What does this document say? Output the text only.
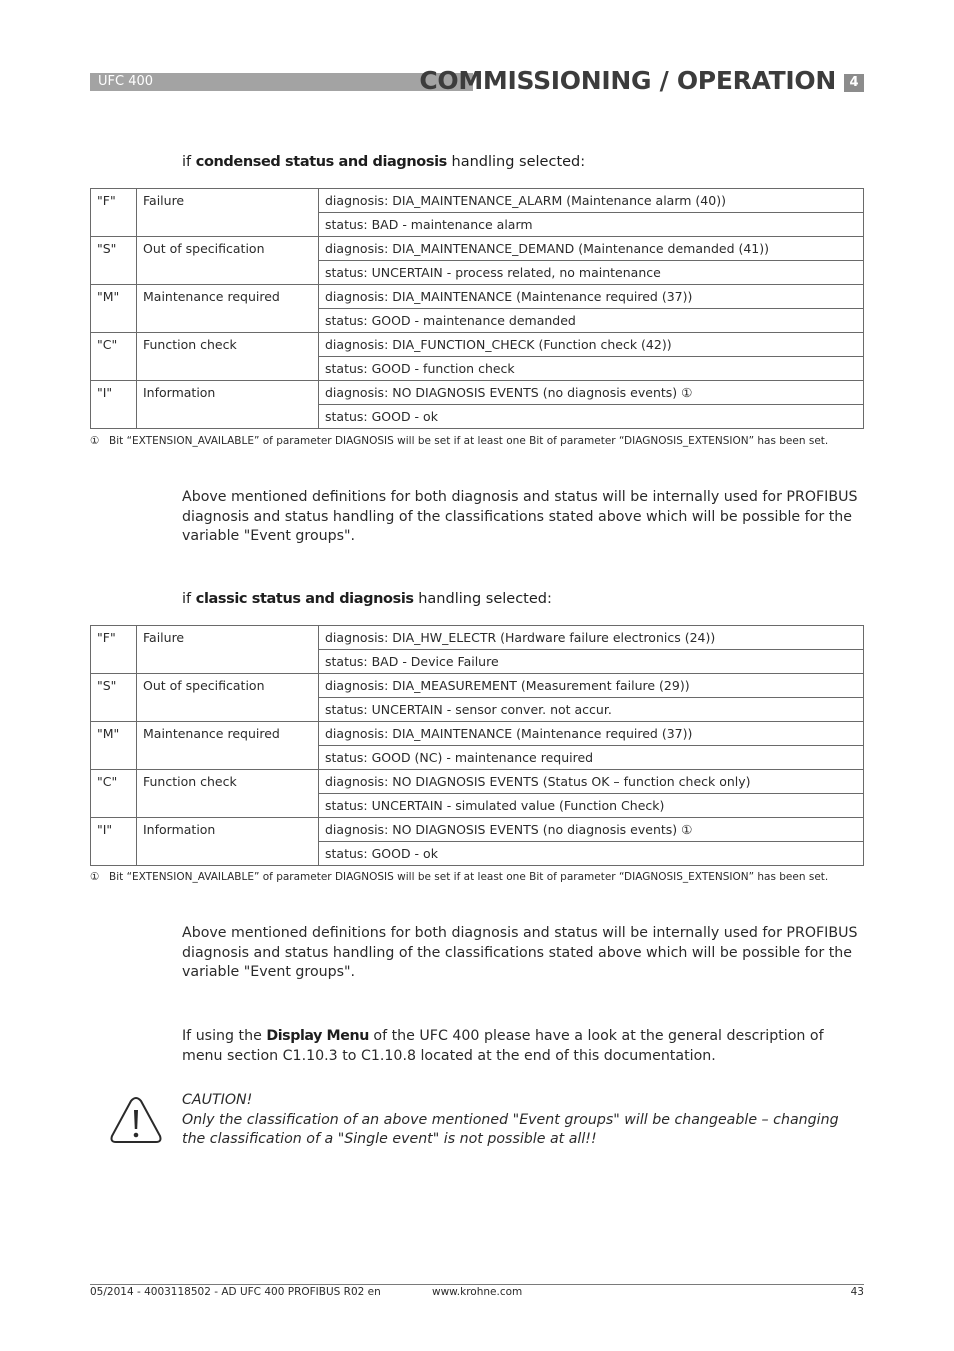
UFC 400	COMMISSIONING / OPERATION	4
if condensed status and diagnosis handling selected:
"F"	Failure	diagnosis: DIA_MAINTENANCE_ALARM (Maintenance alarm (40))
		status: BAD - maintenance alarm
"S"	Out of specification	diagnosis: DIA_MAINTENANCE_DEMAND (Maintenance demanded (41))
		status: UNCERTAIN - process related, no maintenance
"M"	Maintenance required	diagnosis: DIA_MAINTENANCE (Maintenance required (37))
		status: GOOD - maintenance demanded
"C"	Function check	diagnosis: DIA_FUNCTION_CHECK (Function check (42))
		status: GOOD - function check
"I"	Information	diagnosis: NO DIAGNOSIS EVENTS (no diagnosis events) ①
		status: GOOD - ok
① Bit “EXTENSION_AVAILABLE” of parameter DIAGNOSIS will be set if at least one Bit of parameter “DIAGNOSIS_EXTENSION” has been set.
Above mentioned definitions for both diagnosis and status will be internally used for PROFIBUS diagnosis and status handling of the classifications stated above which will be possible for the variable "Event groups".
if classic status and diagnosis handling selected:
"F"	Failure	diagnosis: DIA_HW_ELECTR (Hardware failure electronics (24))
		status: BAD - Device Failure
"S"	Out of specification	diagnosis: DIA_MEASUREMENT (Measurement failure (29))
		status: UNCERTAIN - sensor conver. not accur.
"M"	Maintenance required	diagnosis: DIA_MAINTENANCE (Maintenance required (37))
		status: GOOD (NC) - maintenance required
"C"	Function check	diagnosis: NO DIAGNOSIS EVENTS (Status OK – function check only)
		status: UNCERTAIN - simulated value (Function Check)
"I"	Information	diagnosis: NO DIAGNOSIS EVENTS (no diagnosis events) ①
		status: GOOD - ok
① Bit “EXTENSION_AVAILABLE” of parameter DIAGNOSIS will be set if at least one Bit of parameter “DIAGNOSIS_EXTENSION” has been set.
Above mentioned definitions for both diagnosis and status will be internally used for PROFIBUS diagnosis and status handling of the classifications stated above which will be possible for the variable "Event groups".
If using the Display Menu of the UFC 400 please have a look at the general description of menu section C1.10.3 to C1.10.8 located at the end of this documentation.
CAUTION!
Only the classification of an above mentioned "Event groups" will be changeable – changing the classification of a "Single event" is not possible at all!!
05/2014 - 4003118502 - AD UFC 400 PROFIBUS R02 en	www.krohne.com	43
